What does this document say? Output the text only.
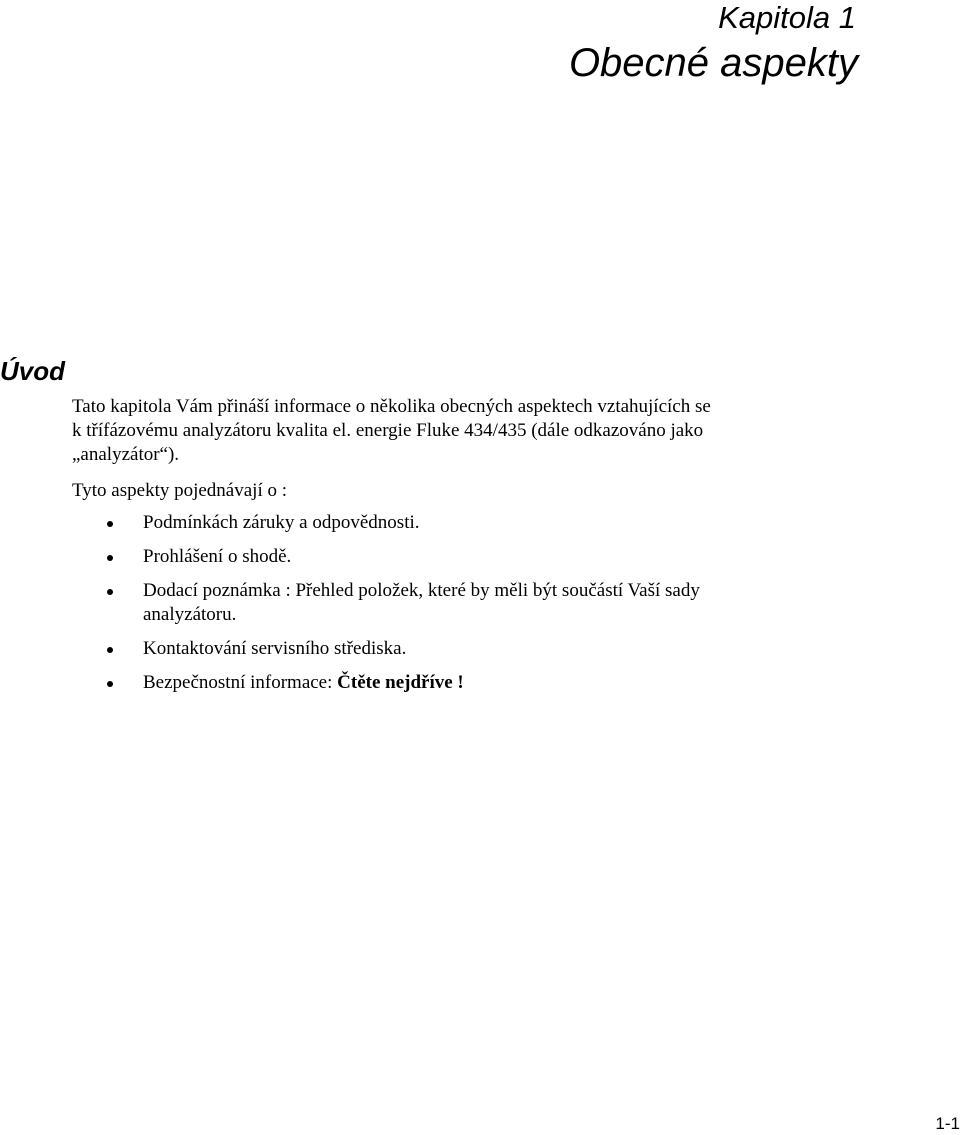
Kapitola 1
Obecné aspekty
Úvod

Tato kapitola Vám přináší informace o několika obecných aspektech vztahujících se
k třífázovému analyzátoru kvalita el. energie Fluke 434/435 (dále odkazováno jako
„analyzátor“).

Tyto aspekty pojednávají o :

Podmínkách záruky a odpovědnosti.
Prohlášení o shodě.
Dodací poznámka : Přehled položek, které by měli být součástí Vaší sady
analyzátoru.
Kontaktování servisního střediska.
Bezpečnostní informace: Čtěte nejdříve !
1-1
